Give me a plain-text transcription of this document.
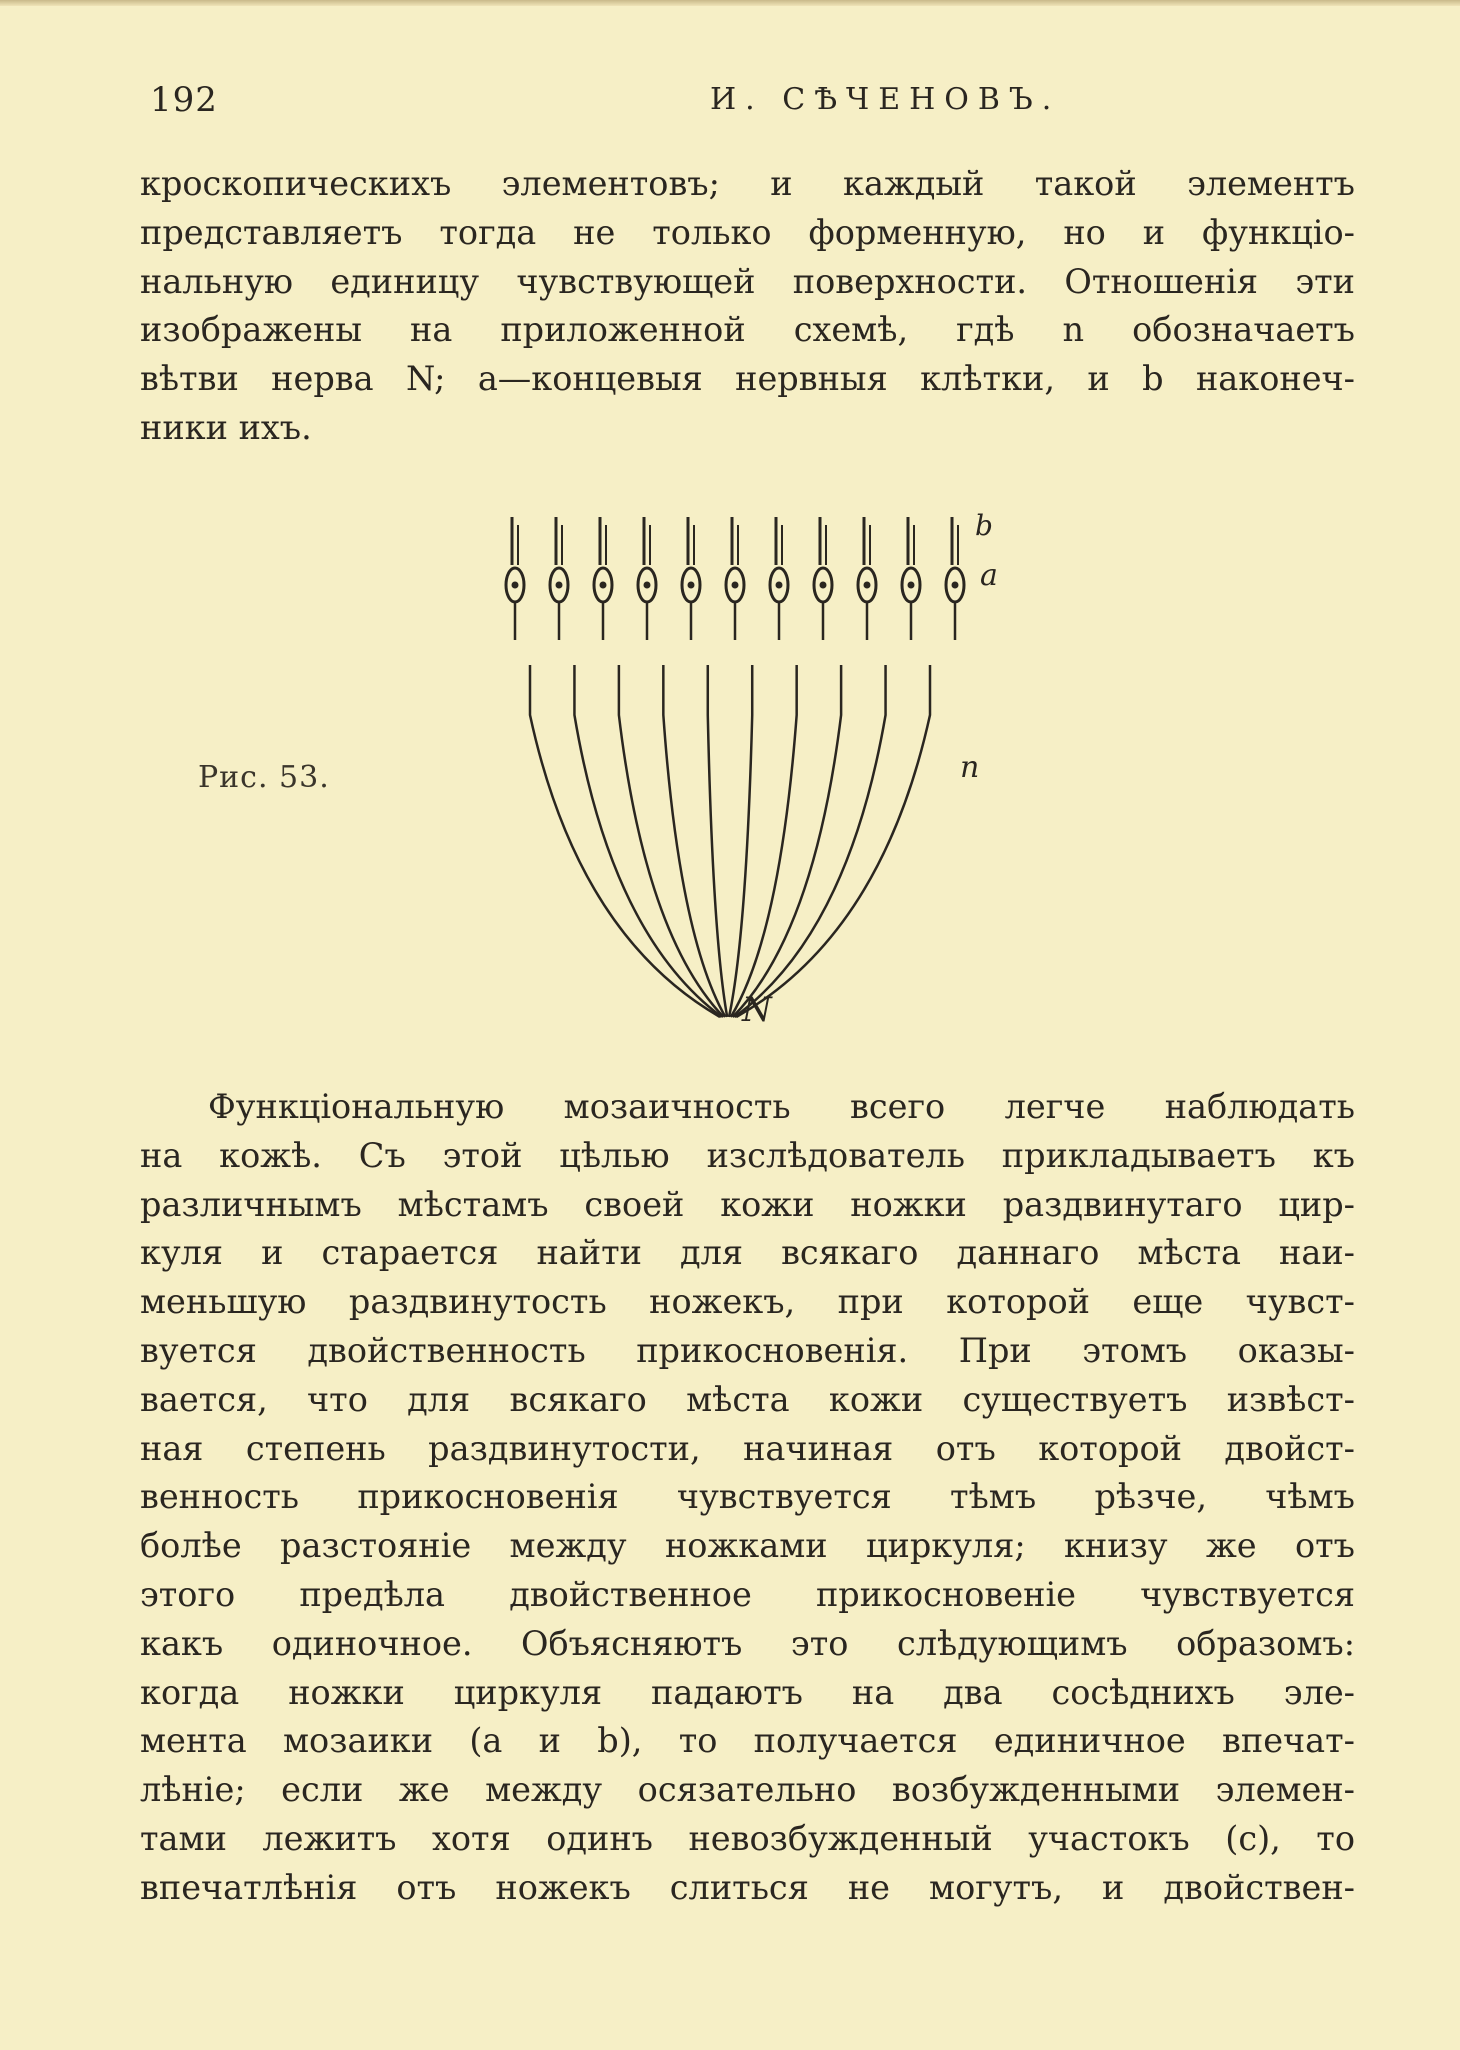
192	И. СѢЧЕНОВЪ.
кроскопическихъ элементовъ; и каждый такой элементъ
представляетъ тогда не только форменную, но и функціо-
нальную единицу чувствующей поверхности. Отношенія эти
изображены на приложенной схемѣ, гдѣ n обозначаетъ
вѣтви нерва N; a—концевыя нервныя клѣтки, и b наконеч-
ники ихъ.
Рис. 53.
b
a
n
N
Функціональную мозаичность всего легче наблюдать
на кожѣ. Съ этой цѣлью изслѣдователь прикладываетъ къ
различнымъ мѣстамъ своей кожи ножки раздвинутаго цир-
куля и старается найти для всякаго даннаго мѣста наи-
меньшую раздвинутость ножекъ, при которой еще чувст-
вуется двойственность прикосновенія. При этомъ оказы-
вается, что для всякаго мѣста кожи существуетъ извѣст-
ная степень раздвинутости, начиная отъ которой двойст-
венность прикосновенія чувствуется тѣмъ рѣзче, чѣмъ
болѣе разстояніе между ножками циркуля; книзу же отъ
этого предѣла двойственное прикосновеніе чувствуется
какъ одиночное. Объясняютъ это слѣдующимъ образомъ:
когда ножки циркуля падаютъ на два сосѣднихъ эле-
мента мозаики (a и b), то получается единичное впечат-
лѣніе; если же между осязательно возбужденными элемен-
тами лежитъ хотя одинъ невозбужденный участокъ (c), то
впечатлѣнія отъ ножекъ слиться не могутъ, и двойствен-
